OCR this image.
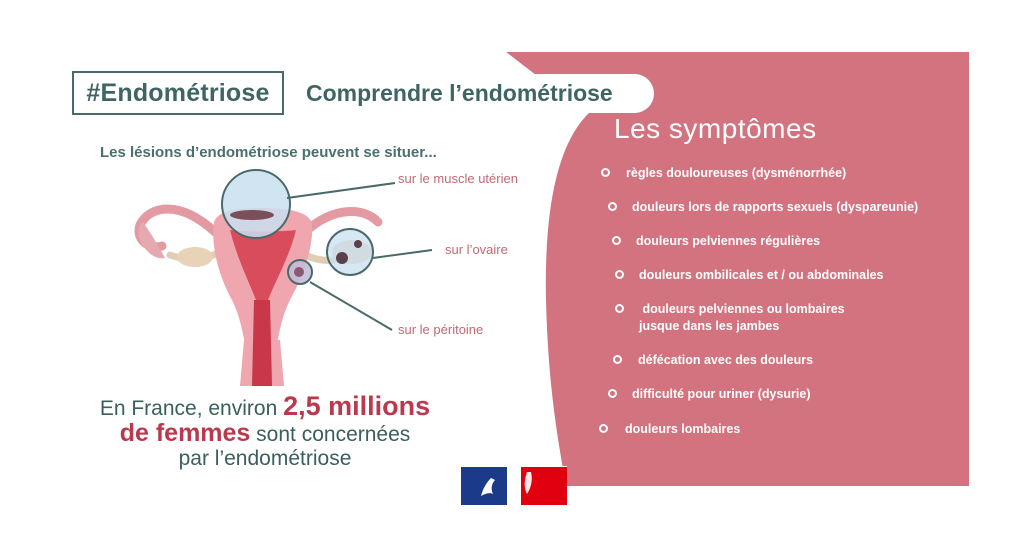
#Endométriose	Comprendre l’endométriose
Les lésions d’endométriose peuvent se situer...
sur le muscle utérien
sur l’ovaire
sur le péritoine
En France, environ 2,5 millions
de femmes sont concernées
par l’endométriose
Les symptômes
règles douloureuses (dysménorrhée)
douleurs lors de rapports sexuels (dyspareunie)
douleurs pelviennes régulières
douleurs ombilicales et / ou abdominales
douleurs pelviennes ou lombaires
jusque dans les jambes
défécation avec des douleurs
difficulté pour uriner (dysurie)
douleurs lombaires
